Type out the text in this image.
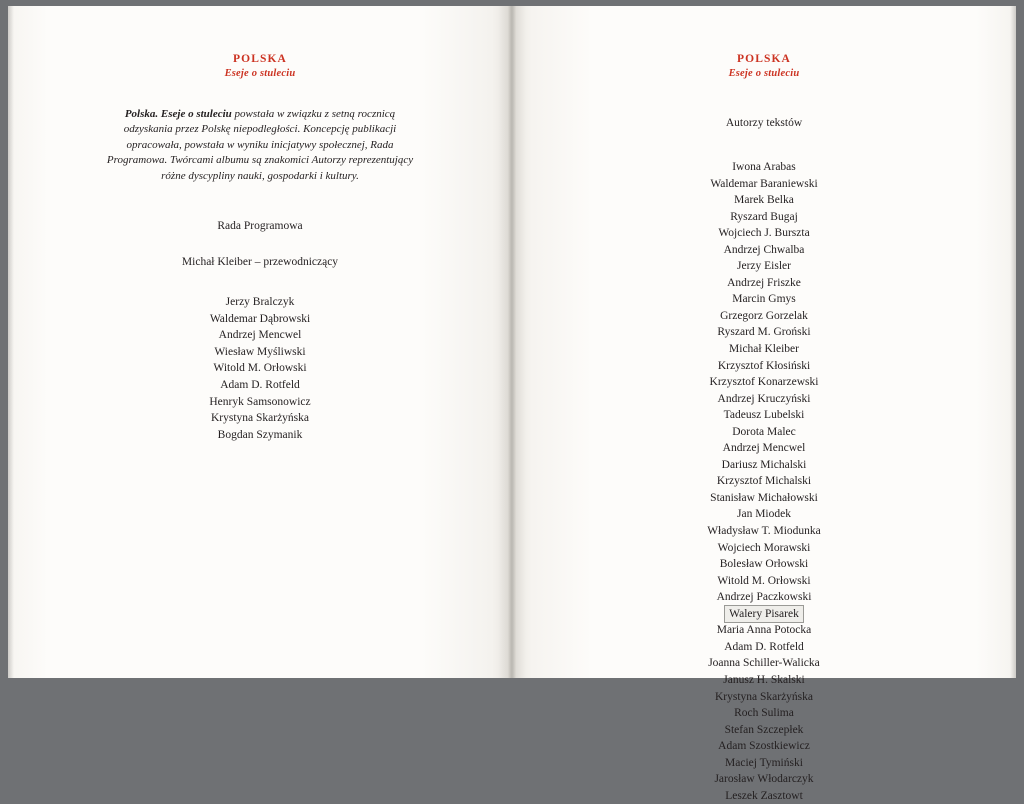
POLSKA
Eseje o stuleciu
Polska. Eseje o stuleciu powstała w związku z setną rocznicą odzyskania przez Polskę niepodległości. Koncepcję publikacji opracowała, powstała w wyniku inicjatywy społecznej, Rada Programowa. Twórcami albumu są znakomici Autorzy reprezentujący różne dyscypliny nauki, gospodarki i kultury.
Rada Programowa
Michał Kleiber – przewodniczący
Jerzy Bralczyk
Waldemar Dąbrowski
Andrzej Mencwel
Wiesław Myśliwski
Witold M. Orłowski
Adam D. Rotfeld
Henryk Samsonowicz
Krystyna Skarżyńska
Bogdan Szymanik
POLSKA
Eseje o stuleciu
Autorzy tekstów
Iwona Arabas
Waldemar Baraniewski
Marek Belka
Ryszard Bugaj
Wojciech J. Burszta
Andrzej Chwalba
Jerzy Eisler
Andrzej Friszke
Marcin Gmys
Grzegorz Gorzelak
Ryszard M. Groński
Michał Kleiber
Krzysztof Kłosiński
Krzysztof Konarzewski
Andrzej Kruczyński
Tadeusz Lubelski
Dorota Malec
Andrzej Mencwel
Dariusz Michalski
Krzysztof Michalski
Stanisław Michałowski
Jan Miodek
Władysław T. Miodunka
Wojciech Morawski
Bolesław Orłowski
Witold M. Orłowski
Andrzej Paczkowski
Walery Pisarek
Maria Anna Potocka
Adam D. Rotfeld
Joanna Schiller-Walicka
Janusz H. Skalski
Krystyna Skarżyńska
Roch Sulima
Stefan Szczepłek
Adam Szostkiewicz
Maciej Tymiński
Jarosław Włodarczyk
Leszek Zasztowt
